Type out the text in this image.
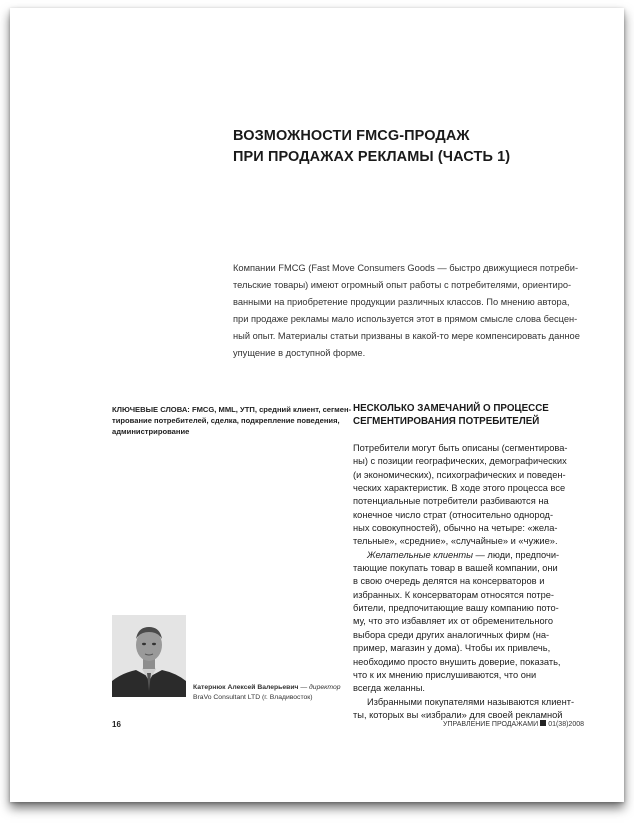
ВОЗМОЖНОСТИ FMCG-ПРОДАЖ
ПРИ ПРОДАЖАХ РЕКЛАМЫ (ЧАСТЬ 1)
Компании FMCG (Fast Move Consumers Goods — быстро движущиеся потреби-
тельские товары) имеют огромный опыт работы с потребителями, ориентиро-
ванными на приобретение продукции различных классов. По мнению автора,
при продаже рекламы мало используется этот в прямом смысле слова бесцен-
ный опыт. Материалы статьи призваны в какой-то мере компенсировать данное
упущение в доступной форме.
КЛЮЧЕВЫЕ СЛОВА: FMCG, MML, УТП, средний клиент, сегмен-
тирование потребителей, сделка, подкрепление поведения,
администрирование
Катернюк Алексей Валерьевич — директор
BraVo Consultant LTD (г. Владивосток)
НЕСКОЛЬКО ЗАМЕЧАНИЙ О ПРОЦЕССЕ
СЕГМЕНТИРОВАНИЯ ПОТРЕБИТЕЛЕЙ
Потребители могут быть описаны (сегментирова-
ны) с позиции географических, демографических
(и экономических), психографических и поведен-
ческих характеристик. В ходе этого процесса все
потенциальные потребители разбиваются на
конечное число страт (относительно однород-
ных совокупностей), обычно на четыре: «жела-
тельные», «средние», «случайные» и «чужие».
Желательные клиенты — люди, предпочи-
тающие покупать товар в вашей компании, они
в свою очередь делятся на консерваторов и
избранных. К консерваторам относятся потре-
бители, предпочитающие вашу компанию пото-
му, что это избавляет их от обременительного
выбора среди других аналогичных фирм (на-
пример, магазин у дома). Чтобы их привлечь,
необходимо просто внушить доверие, показать,
что к их мнению прислушиваются, что они
всегда желанны.
Избранными покупателями называются клиент-
ты, которых вы «избрали» для своей рекламной
16	УПРАВЛЕНИЕ ПРОДАЖАМИ 01(38)2008
